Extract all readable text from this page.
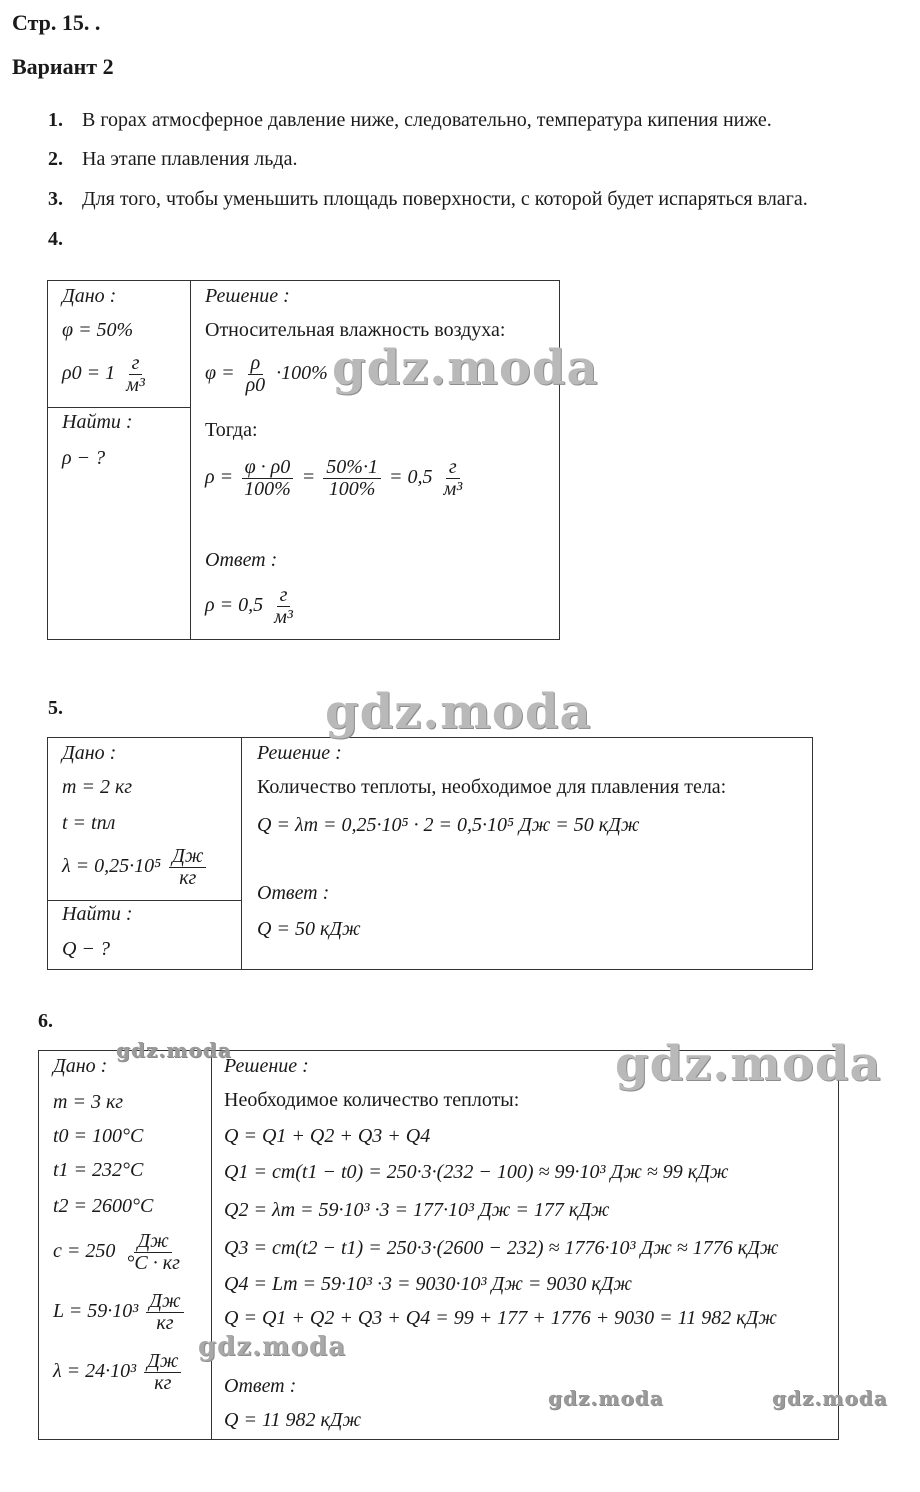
Стр. 15. .
Вариант 2
1. В горах атмосферное давление ниже, следовательно, температура кипения ниже.
2. На этапе плавления льда.
3. Для того, чтобы уменьшить площадь поверхности, с которой будет испаряться влага.
4.
Дано :
φ = 50%
$\rho 0 = 1 \frac{г}{\text{м³}}$
Найти :
ρ − ?
Решение :
Относительная влажность воздуха:
$\varphi = \frac{\rho}{\rho 0} \cdot 100\%$
Тогда:
$\rho = \frac{\varphi \cdot \rho 0}{100\%} = \frac{50\%\cdot 1}{100\%} = 0,5 \frac{г}{\text{м³}}$
Ответ :
$\rho = 0,5 \frac{г}{\text{м³}}$
5.
Дано :
m = 2 кг
t = tпл
$\lambda = 0,25\cdot 10^5 \frac{Дж}{кг}$
Найти :
Q − ?
Решение :
Количество теплоты, необходимое для плавления тела:
Q = λm = 0,25·10⁵ · 2 = 0,5·10⁵ Дж = 50 кДж
Ответ :
Q = 50 кДж
6.
Дано :
m = 3 кг
t0 = 100°C
t1 = 232°C
t2 = 2600°C
$c = 250 \frac{Дж}{^\circ C \cdot кг}$
$L = 59\cdot 10^3 \frac{Дж}{кг}$
$\lambda = 24\cdot 10^3 \frac{Дж}{кг}$
Решение :
Необходимое количество теплоты:
Q = Q1 + Q2 + Q3 + Q4
Q1 = cm(t1 − t0) = 250·3·(232 − 100) ≈ 99·10³ Дж ≈ 99 кДж
Q2 = λm = 59·10³ ·3 = 177·10³ Дж = 177 кДж
Q3 = cm(t2 − t1) = 250·3·(2600 − 232) ≈ 1776·10³ Дж ≈ 1776 кДж
Q4 = Lm = 59·10³ ·3 = 9030·10³ Дж = 9030 кДж
Q = Q1 + Q2 + Q3 + Q4 = 99 + 177 + 1776 + 9030 = 11 982 кДж
Ответ :
Q = 11 982 кДж
gdz.moda
gdz.moda
gdz.moda
gdz.moda
gdz.moda
gdz.moda	gdz.moda
